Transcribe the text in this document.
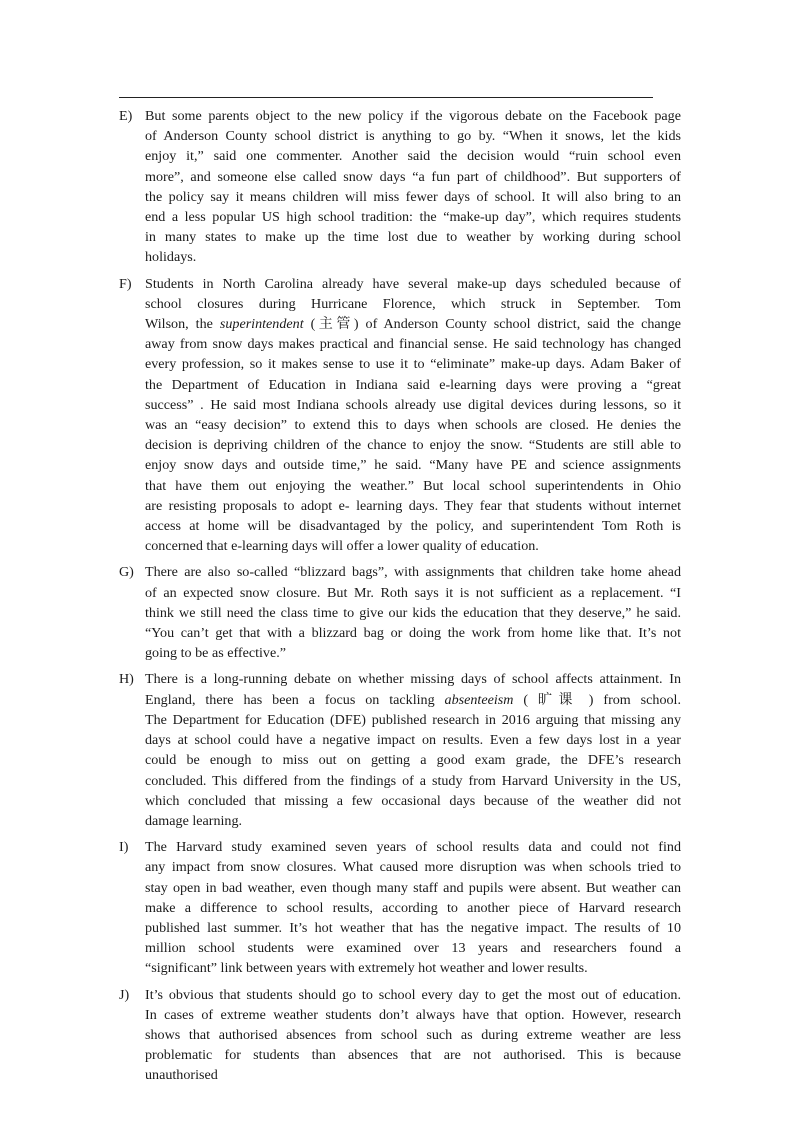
E) But some parents object to the new policy if the vigorous debate on the Facebook page
of Anderson County school district is anything to go by. “When it snows, let the kids
enjoy it,” said one commenter. Another said the decision would “ruin school even
more”, and someone else called snow days “a fun part of childhood”. But supporters of
the policy say it means children will miss fewer days of school. It will also bring to an
end a less popular US high school tradition: the “make-up day”, which requires students
in many states to make up the time lost due to weather by working during school
holidays.
F) Students in North Carolina already have several make-up days scheduled because of
school closures during Hurricane Florence, which struck in September. Tom
Wilson, the superintendent (主管) of Anderson County school district, said the change
away from snow days makes practical and financial sense. He said technology has changed
every profession, so it makes sense to use it to “eliminate” make-up days. Adam Baker of
the Department of Education in Indiana said e-learning days were proving a “great
success” . He said most Indiana schools already use digital devices during lessons, so it
was an “easy decision” to extend this to days when schools are closed. He denies the
decision is depriving children of the chance to enjoy the snow. “Students are still able to
enjoy snow days and outside time,” he said. “Many have PE and science assignments
that have them out enjoying the weather.” But local school superintendents in Ohio
are resisting proposals to adopt e- learning days. They fear that students without internet
access at home will be disadvantaged by the policy, and superintendent Tom Roth is
concerned that e-learning days will offer a lower quality of education.
G) There are also so-called “blizzard bags”, with assignments that children take home ahead
of an expected snow closure. But Mr. Roth says it is not sufficient as a replacement. “I
think we still need the class time to give our kids the education that they deserve,” he said.
“You can’t get that with a blizzard bag or doing the work from home like that. It’s not
going to be as effective.”
H) There is a long-running debate on whether missing days of school affects attainment. In
England, there has been a focus on tackling absenteeism ( 旷课 ) from school.
The Department for Education (DFE) published research in 2016 arguing that missing any
days at school could have a negative impact on results. Even a few days lost in a year
could be enough to miss out on getting a good exam grade, the DFE’s research
concluded. This differed from the findings of a study from Harvard University in the US,
which concluded that missing a few occasional days because of the weather did not
damage learning.
I)	The Harvard study examined seven years of school results data and could not find
any impact from snow closures. What caused more disruption was when schools tried to
stay open in bad weather, even though many staff and pupils were absent. But weather can
make a difference to school results, according to another piece of Harvard research
published last summer. It’s hot weather that has the negative impact. The results of 10
million school students were examined over 13 years and researchers found a
“significant” link between years with extremely hot weather and lower results.
J)	It’s obvious that students should go to school every day to get the most out of education.
In cases of extreme weather students don’t always have that option. However, research
shows that authorised absences from school such as during extreme weather are less
problematic for students than absences that are not authorised. This is because
unauthorised
